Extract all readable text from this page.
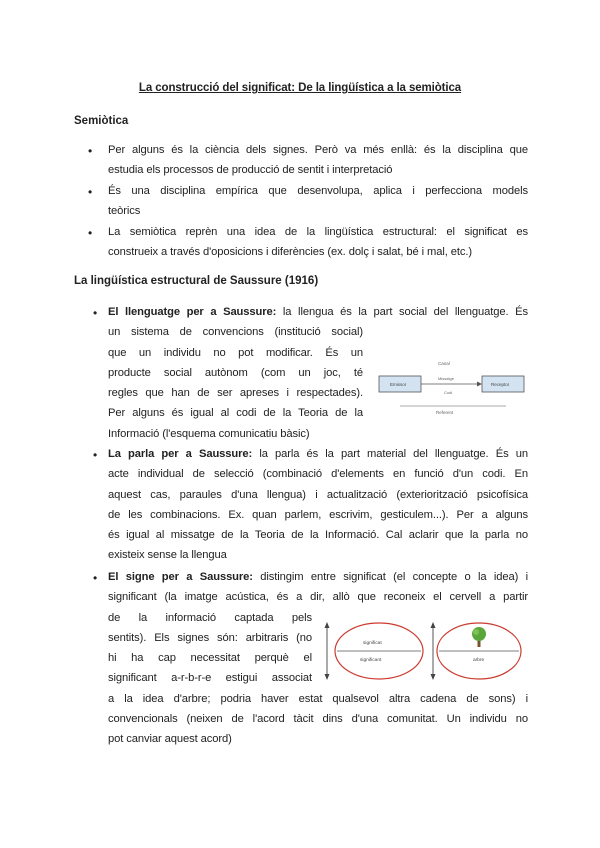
La construcció del significat: De la lingüística a la semiòtica
Semiòtica
• Per alguns és la ciència dels signes. Però va més enllà: és la disciplina que
estudia els processos de producció de sentit i interpretació
• És una disciplina empírica que desenvolupa, aplica i perfecciona models
teòrics
• La semiòtica reprèn una idea de la lingüística estructural: el significat es
construeix a través d'oposicions i diferències (ex. dolç i salat, bé i mal, etc.)
La lingüística estructural de Saussure (1916)
• El llenguatge per a Saussure: la llengua és la part social del llenguatge. És
un sistema de convencions (institució social)
que un individu no pot modificar. És un
producte social autònom (com un joc, té
regles que han de ser apreses i respectades).
Per alguns és igual al codi de la Teoria de la
Informació (l'esquema comunicatiu bàsic)
Canal
Emissor	Receptor
Missatge
Codi
Referent
• La parla per a Saussure: la parla és la part material del llenguatge. És un
acte individual de selecció (combinació d'elements en funció d'un codi. En
aquest cas, paraules d'una llengua) i actualització (exteriorització psicofísica
de les combinacions. Ex. quan parlem, escrivim, gesticulem...). Per a alguns
és igual al missatge de la Teoria de la Informació. Cal aclarir que la parla no
existeix sense la llengua
• El signe per a Saussure: distingim entre significat (el concepte o la idea) i
significant (la imatge acústica, és a dir, allò que reconeix el cervell a partir
de la informació captada pels
sentits). Els signes són: arbitraris (no
hi ha cap necessitat perquè el
significant a-r-b-r-e estigui associat
a la idea d'arbre; podria haver estat qualsevol altra cadena de sons) i
convencionals (neixen de l'acord tàcit dins d'una comunitat. Un individu no
pot canviar aquest acord)
significat
significant	arbre
